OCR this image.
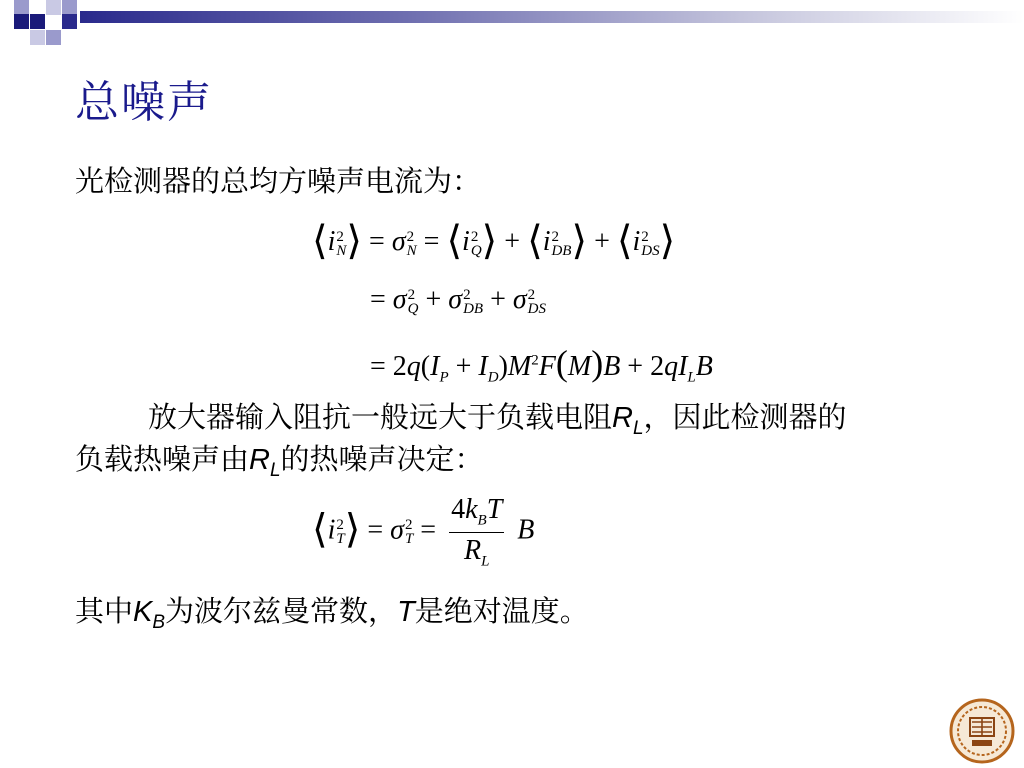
总噪声
光检测器的总均方噪声电流为：
⟨i 2
N ⟩ = σ 2
N = ⟨i 2
Q ⟩ + ⟨i 2
DB ⟩ + ⟨i 2
DS ⟩
= σ 2
Q + σ 2
DB + σ 2
DS
= $2q(I_P + I_D)M^2F(M)B + 2qI_LB$
放大器输入阻抗一般远大于负载电阻$R_L$，因此检测器的
负载热噪声由$R_L$的热噪声决定：
⟨i 2
T ⟩ = σ 2
$T = \frac{4k_BT}{R_L}$ B
其中$K_B$为波尔兹曼常数，T是绝对温度。
